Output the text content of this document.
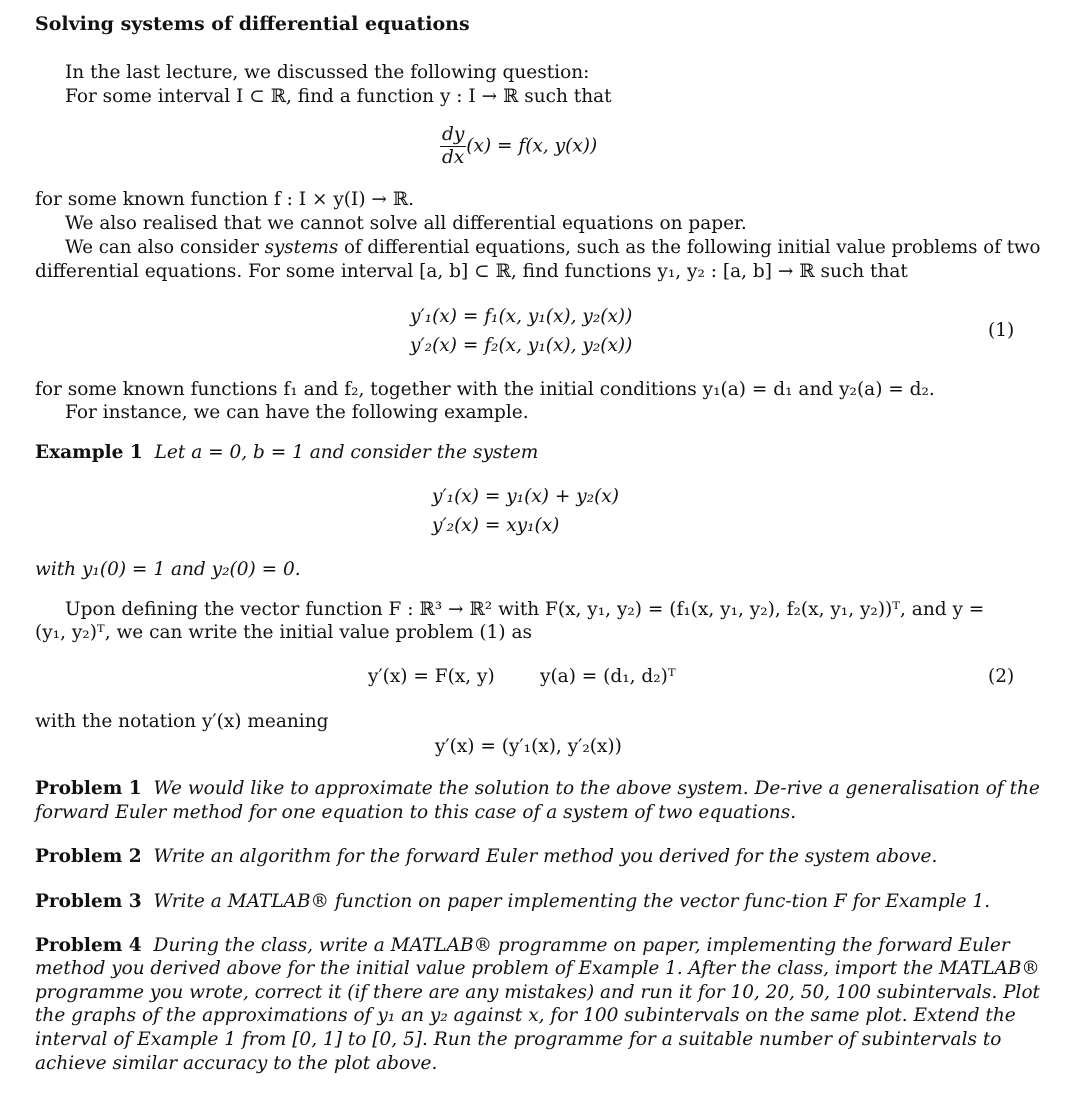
Solving systems of differential equations
In the last lecture, we discussed the following question:
For some interval I ⊂ ℝ, find a function y : I → ℝ such that
$\frac{dy}{dx} (x) = f(x$, y(x))
for some known function f : I × y(I) → ℝ.
We also realised that we cannot solve all differential equations on paper.
We can also consider systems of differential equations, such as the following initial value problems of two
differential equations. For some interval [a, b] ⊂ ℝ, find functions y₁, y₂ : [a, b] → ℝ such that
y′₁(x) = f₁(x, y₁(x), y₂(x))
y′₂(x) = f₂(x, y₁(x), y₂(x))
(1)
for some known functions f₁ and f₂, together with the initial conditions y₁(a) = d₁ and y₂(a) = d₂.
For instance, we can have the following example.
Example 1 Let a = 0, b = 1 and consider the system
y′₁(x) = y₁(x) + y₂(x)
y′₂(x) = xy₁(x)
with y₁(0) = 1 and y₂(0) = 0.
Upon defining the vector function F : ℝ³ → ℝ² with F(x, y₁, y₂) = (f₁(x, y₁, y₂), f₂(x, y₁, y₂))ᵀ, and y =
(y₁, y₂)ᵀ, we can write the initial value problem (1) as
y′(x) = F(x, y) y(a) = (d₁, d₂)ᵀ	(2)
with the notation y′(x) meaning
y′(x) = (y′₁(x), y′₂(x))
Problem 1 We would like to approximate the solution to the above system. De-rive a generalisation of the
forward Euler method for one equation to this case of a system of two equations.
Problem 2 Write an algorithm for the forward Euler method you derived for the system above.
Problem 3 Write a MATLAB® function on paper implementing the vector func-tion F for Example 1.
Problem 4 During the class, write a MATLAB® programme on paper, implementing the forward Euler
method you derived above for the initial value problem of Example 1. After the class, import the MATLAB®
programme you wrote, correct it (if there are any mistakes) and run it for 10, 20, 50, 100 subintervals. Plot
the graphs of the approximations of y₁ an y₂ against x, for 100 subintervals on the same plot. Extend the
interval of Example 1 from [0, 1] to [0, 5]. Run the programme for a suitable number of subintervals to
achieve similar accuracy to the plot above.
